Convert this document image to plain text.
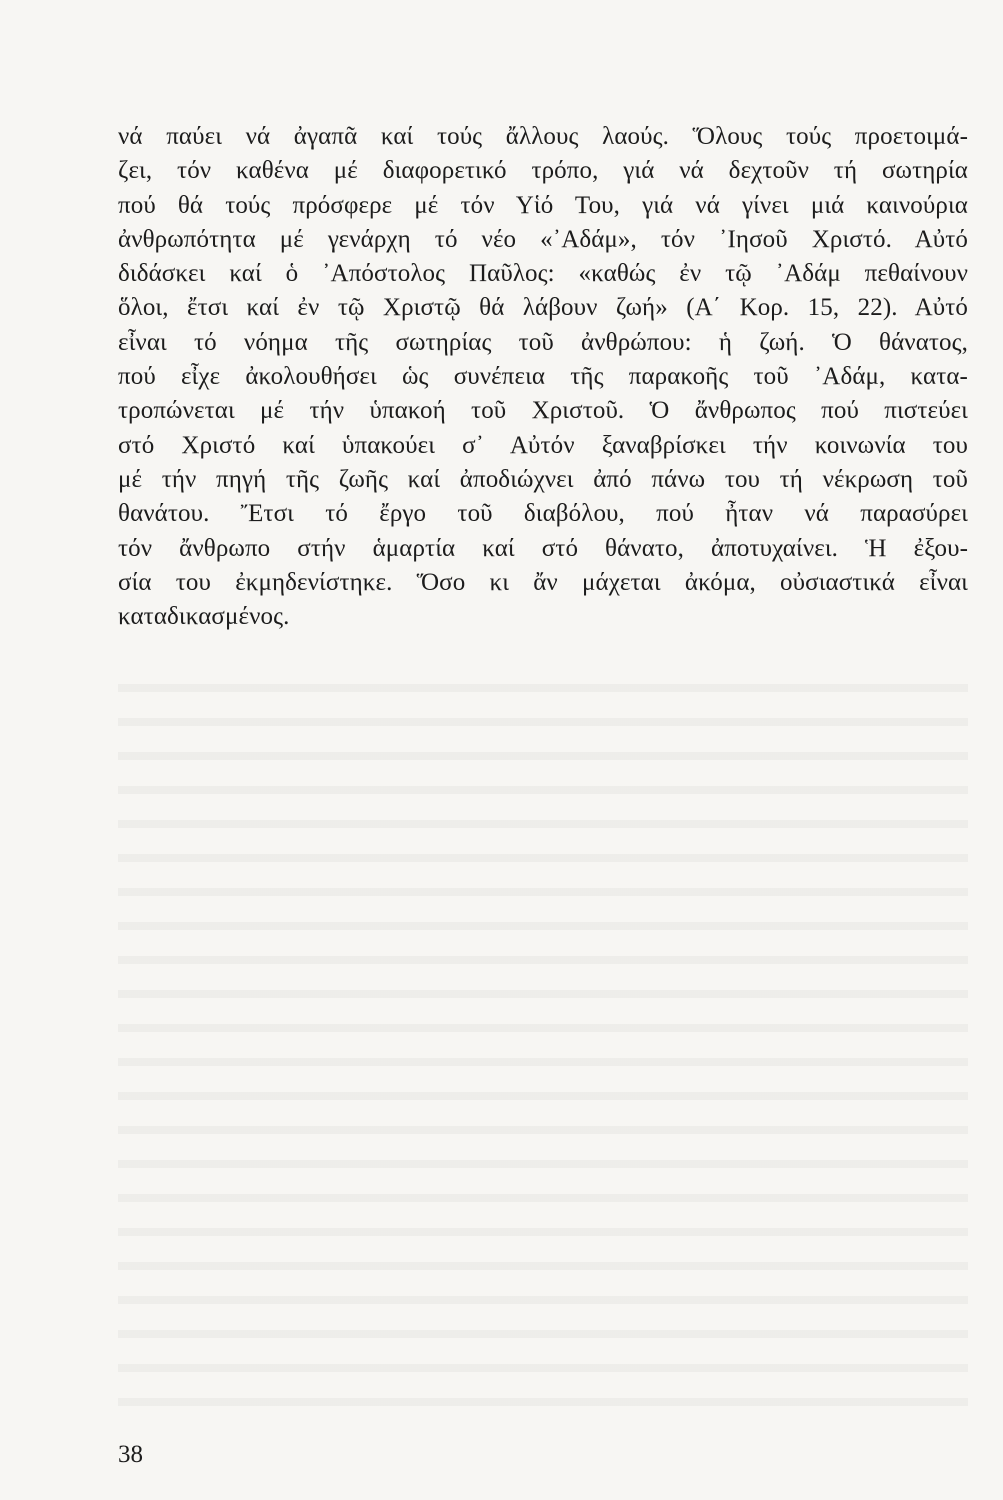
νά παύει νά ἀγαπᾶ καί τούς ἄλλους λαούς. Ὅλους τούς προετοιμά-
ζει, τόν καθένα μέ διαφορετικό τρόπο, γιά νά δεχτοῦν τή σωτηρία
πού θά τούς πρόσφερε μέ τόν Υἱό Του, γιά νά γίνει μιά καινούρια
ἀνθρωπότητα μέ γενάρχη τό νέο «᾿Αδάμ», τόν ᾿Ιησοῦ Χριστό. Αὐτό
διδάσκει καί ὁ ᾿Απόστολος Παῦλος: «καθώς ἐν τῷ ᾿Αδάμ πεθαίνουν
ὅλοι, ἔτσι καί ἐν τῷ Χριστῷ θά λάβουν ζωή» (Α΄ Κορ. 15, 22). Αὐτό
εἶναι τό νόημα τῆς σωτηρίας τοῦ ἀνθρώπου: ἡ ζωή. Ὁ θάνατος,
πού εἶχε ἀκολουθήσει ὡς συνέπεια τῆς παρακοῆς τοῦ ᾿Αδάμ, κατα-
τροπώνεται μέ τήν ὑπακοή τοῦ Χριστοῦ. Ὁ ἄνθρωπος πού πιστεύει
στό Χριστό καί ὑπακούει σ᾿ Αὐτόν ξαναβρίσκει τήν κοινωνία του
μέ τήν πηγή τῆς ζωῆς καί ἀποδιώχνει ἀπό πάνω του τή νέκρωση τοῦ
θανάτου. Ἔτσι τό ἔργο τοῦ διαβόλου, πού ἦταν νά παρασύρει
τόν ἄνθρωπο στήν ἁμαρτία καί στό θάνατο, ἀποτυχαίνει. Ἡ ἐξου-
σία του ἐκμηδενίστηκε. Ὅσο κι ἄν μάχεται ἀκόμα, οὐσιαστικά εἶναι
καταδικασμένος.
38
